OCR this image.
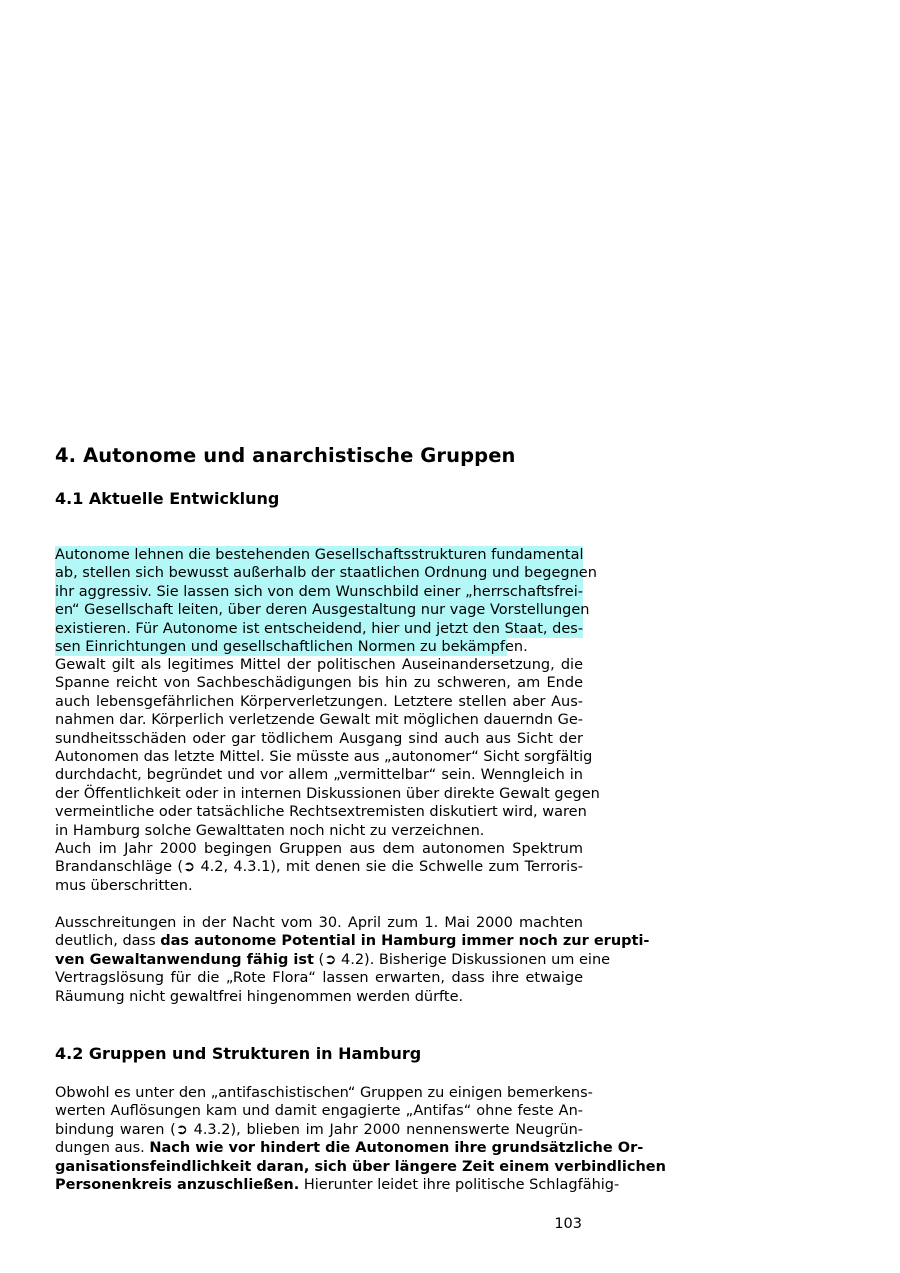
4. Autonome und anarchistische Gruppen
4.1 Aktuelle Entwicklung
Autonome lehnen die bestehenden Gesellschaftsstrukturen fundamental
ab, stellen sich bewusst außerhalb der staatlichen Ordnung und begegnen
ihr aggressiv. Sie lassen sich von dem Wunschbild einer „herrschaftsfrei-
en“ Gesellschaft leiten, über deren Ausgestaltung nur vage Vorstellungen
existieren. Für Autonome ist entscheidend, hier und jetzt den Staat, des-
sen Einrichtungen und gesellschaftlichen Normen zu bekämpfen.
Gewalt gilt als legitimes Mittel der politischen Auseinandersetzung, die
Spanne reicht von Sachbeschädigungen bis hin zu schweren, am Ende
auch lebensgefährlichen Körperverletzungen. Letztere stellen aber Aus-
nahmen dar. Körperlich verletzende Gewalt mit möglichen dauerndn Ge-
sundheitsschäden oder gar tödlichem Ausgang sind auch aus Sicht der
Autonomen das letzte Mittel. Sie müsste aus „autonomer“ Sicht sorgfältig
durchdacht, begründet und vor allem „vermittelbar“ sein. Wenngleich in
der Öffentlichkeit oder in internen Diskussionen über direkte Gewalt gegen
vermeintliche oder tatsächliche Rechtsextremisten diskutiert wird, waren
in Hamburg solche Gewalttaten noch nicht zu verzeichnen.
Auch im Jahr 2000 begingen Gruppen aus dem autonomen Spektrum
Brandanschläge (➲ 4.2, 4.3.1), mit denen sie die Schwelle zum Terroris-
mus überschritten.
Ausschreitungen in der Nacht vom 30. April zum 1. Mai 2000 machten
deutlich, dass das autonome Potential in Hamburg immer noch zur erupti-
ven Gewaltanwendung fähig ist (➲ 4.2). Bisherige Diskussionen um eine
Vertragslösung für die „Rote Flora“ lassen erwarten, dass ihre etwaige
Räumung nicht gewaltfrei hingenommen werden dürfte.
4.2 Gruppen und Strukturen in Hamburg
Obwohl es unter den „antifaschistischen“ Gruppen zu einigen bemerkens-
werten Auflösungen kam und damit engagierte „Antifas“ ohne feste An-
bindung waren (➲ 4.3.2), blieben im Jahr 2000 nennenswerte Neugrün-
dungen aus. Nach wie vor hindert die Autonomen ihre grundsätzliche Or-
ganisationsfeindlichkeit daran, sich über längere Zeit einem verbindlichen
Personenkreis anzuschließen. Hierunter leidet ihre politische Schlagfähig-
103
